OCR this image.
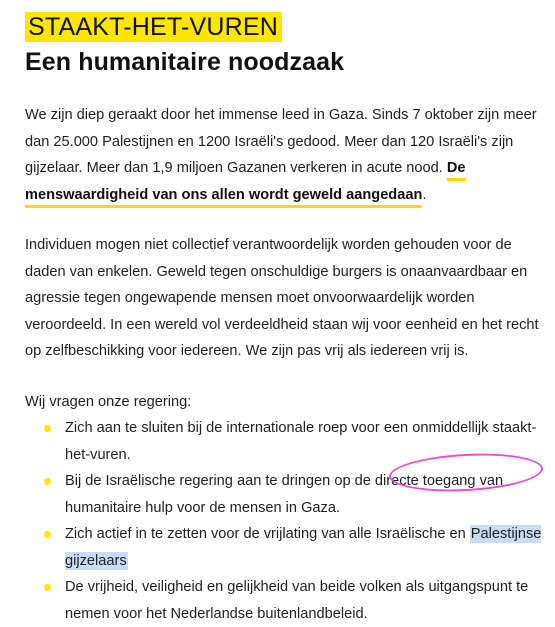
STAAKT-HET-VUREN
Een humanitaire noodzaak

We zijn diep geraakt door het immense leed in Gaza. Sinds 7 oktober zijn meer dan 25.000 Palestijnen en 1200 Israëli's gedood. Meer dan 120 Israëli's zijn gijzelaar. Meer dan 1,9 miljoen Gazanen verkeren in acute nood. De menswaardigheid van ons allen wordt geweld aangedaan.

Individuen mogen niet collectief verantwoordelijk worden gehouden voor de daden van enkelen. Geweld tegen onschuldige burgers is onaanvaardbaar en agressie tegen ongewapende mensen moet onvoorwaardelijk worden veroordeeld. In een wereld vol verdeeldheid staan wij voor eenheid en het recht op zelfbeschikking voor iedereen. We zijn pas vrij als iedereen vrij is.

Wij vragen onze regering:

Zich aan te sluiten bij de internationale roep voor een onmiddellijk staakt-het-vuren.
Bij de Israëlische regering aan te dringen op de directe toegang van humanitaire hulp voor de mensen in Gaza.
Zich actief in te zetten voor de vrijlating van alle Israëlische en Palestijnse gijzelaars
De vrijheid, veiligheid en gelijkheid van beide volken als uitgangspunt te nemen voor het Nederlandse buitenlandbeleid.
